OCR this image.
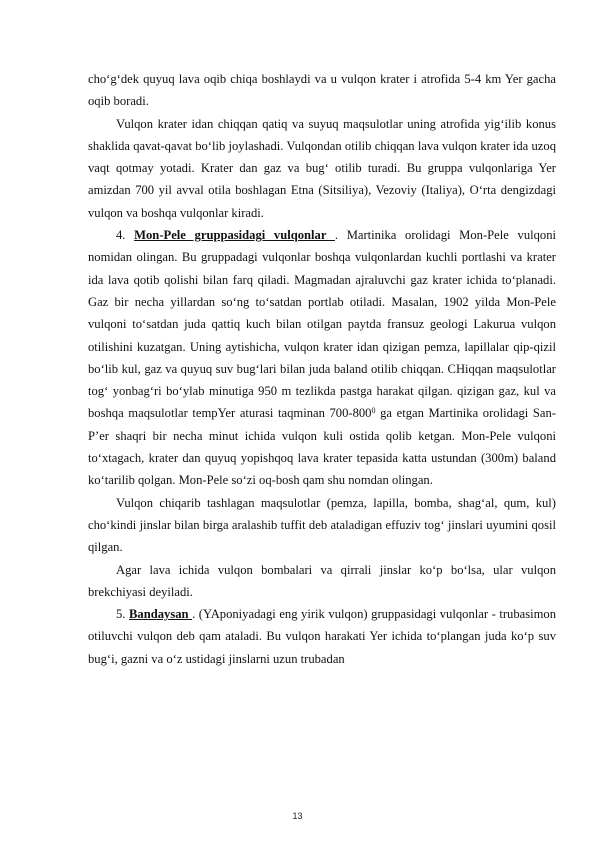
cho‘g‘dek quyuq lava oqib chiqa boshlaydi va u vulqon krater i atrofida 5-4 km Yer gacha oqib boradi.

Vulqon krater idan chiqqan qatiq va suyuq maqsulotlar uning atrofida yig‘ilib konus shaklida qavat-qavat bo‘lib joylashadi. Vulqondan otilib chiqqan lava vulqon krater ida uzoq vaqt qotmay yotadi. Krater dan gaz va bug‘ otilib turadi. Bu gruppa vulqonlariga Yer amizdan 700 yil avval otila boshlagan Etna (Sitsiliya), Vezoviy (Italiya), O‘rta dengizdagi vulqon va boshqa vulqonlar kiradi.

4. Mon-Pele gruppasidagi vulqonlar . Martinika orolidagi Mon-Pele vulqoni nomidan olingan. Bu gruppadagi vulqonlar boshqa vulqonlardan kuchli portlashi va krater ida lava qotib qolishi bilan farq qiladi. Magmadan ajraluvchi gaz krater ichida to‘planadi. Gaz bir necha yillardan so‘ng to‘satdan portlab otiladi. Masalan, 1902 yilda Mon-Pele vulqoni to‘satdan juda qattiq kuch bilan otilgan paytda fransuz geologi Lakurua vulqon otilishini kuzatgan. Uning aytishicha, vulqon krater idan qizigan pemza, lapillalar qip-qizil bo‘lib kul, gaz va quyuq suv bug‘lari bilan juda baland otilib chiqqan. CHiqqan maqsulotlar tog‘ yonbag‘ri bo‘ylab minutiga 950 m tezlikda pastga harakat qilgan. qizigan gaz, kul va boshqa maqsulotlar tempYer aturasi taqminan $700-800^0$ ga etgan Martinika orolidagi San-P’er shaqri bir necha minut ichida vulqon kuli ostida qolib ketgan. Mon-Pele vulqoni to‘xtagach, krater dan quyuq yopishqoq lava krater tepasida katta ustundan (300m) baland ko‘tarilib qolgan. Mon-Pele so‘zi oq-bosh qam shu nomdan olingan.

Vulqon chiqarib tashlagan maqsulotlar (pemza, lapilla, bomba, shag‘al, qum, kul) cho‘kindi jinslar bilan birga aralashib tuffit deb ataladigan effuziv tog‘ jinslari uyumini qosil qilgan.

Agar lava ichida vulqon bombalari va qirrali jinslar ko‘p bo‘lsa, ular vulqon brekchiyasi deyiladi.

5. Bandaysan . (YAponiyadagi eng yirik vulqon) gruppasidagi vulqonlar - trubasimon otiluvchi vulqon deb qam ataladi. Bu vulqon harakati Yer ichida to‘plangan juda ko‘p suv bug‘i, gazni va o‘z ustidagi jinslarni uzun trubadan

13
